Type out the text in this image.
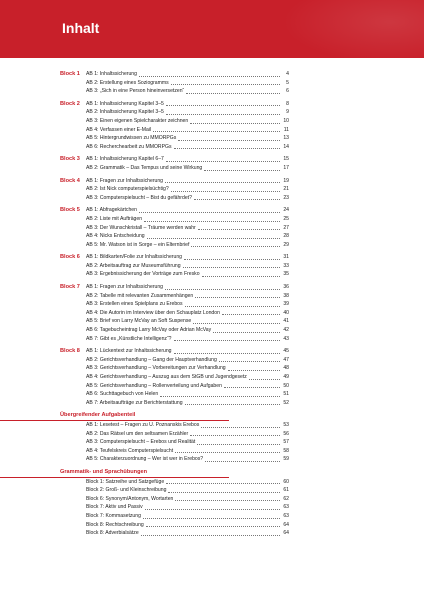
Inhalt
Block 1	AB 1: Inhaltssicherung	4
AB 2: Erstellung eines Soziogramms	5
AB 3: „Sich in eine Person hineinversetzen“	6
Block 2	AB 1: Inhaltssicherung Kapitel 3–5	8
AB 2: Inhaltssicherung Kapitel 3–5	9
AB 3: Einen eigenen Spielcharakter zeichnen	10
AB 4: Verfassen einer E-Mail	11
AB 5: Hintergrundwissen zu MMORPGs	13
AB 6: Recherchearbeit zu MMORPGs	14
Block 3	AB 1: Inhaltssicherung Kapitel 6–7	15
AB 2: Grammatik – Das Tempus und seine Wirkung	17
Block 4	AB 1: Fragen zur Inhaltssicherung	19
AB 2: Ist Nick computerspielsüchtig?	21
AB 3: Computerspielsucht – Bist du gefährdet?	23
Block 5	AB 1: Abfragekärtchen	24
AB 2: Liste mit Aufträgen	25
AB 3: Der Wunschkristall – Träume werden wahr	27
AB 4: Nicks Entscheidung	28
AB 5: Mr. Watson ist in Sorge – ein Elternbrief	29
Block 6	AB 1: Bildkarten/Folie zur Inhaltssicherung	31
AB 2: Arbeitsauftrag zur Museumsführung	33
AB 3: Ergebnissicherung der Vorträge zum Fresko	35
Block 7	AB 1: Fragen zur Inhaltssicherung	36
AB 2: Tabelle mit relevanten Zusammenhängen	38
AB 3: Erstellen eines Spielplans zu Erebos	39
AB 4: Die Autorin im Interview über den Schauplatz London	40
AB 5: Brief von Larry McVay an Soft Suspense	41
AB 6: Tagebucheintrag Larry McVay oder Adrian McVay	42
AB 7: Gibt es „Künstliche Intelligenz“?	43
Block 8	AB 1: Lückentext zur Inhaltssicherung	45
AB 2: Gerichtsverhandlung – Gang der Hauptverhandlung	47
AB 3: Gerichtsverhandlung – Vorbereitungen zur Verhandlung	48
AB 4: Gerichtsverhandlung – Auszug aus dem StGB und Jugendgesetz	49
AB 5: Gerichtsverhandlung – Rollenverteilung und Aufgaben	50
AB 6: Suchttagebuch von Helen	51
AB 7: Arbeitsaufträge zur Berichterstattung	52
Übergreifender Aufgabenteil
AB 1: Lesetest – Fragen zu U. Poznanskis Erebos	53
AB 2: Das Rätsel um den seltsamen Erzähler	56
AB 3: Computerspielsucht – Erebos und Realität	57
AB 4: Teufelskreis Computerspielsucht	58
AB 5: Charakterzuordnung – Wer ist wer in Erebos?	59
Grammatik- und Sprachübungen
Block 1: Satzreihe und Satzgefüge	60
Block 2: Groß- und Kleinschreibung	61
Block 6: Synonym/Antonym, Wortarten	62
Block 7: Aktiv und Passiv	63
Block 7: Kommasetzung	63
Block 8: Rechtschreibung	64
Block 8: Adverbialsätze	64
